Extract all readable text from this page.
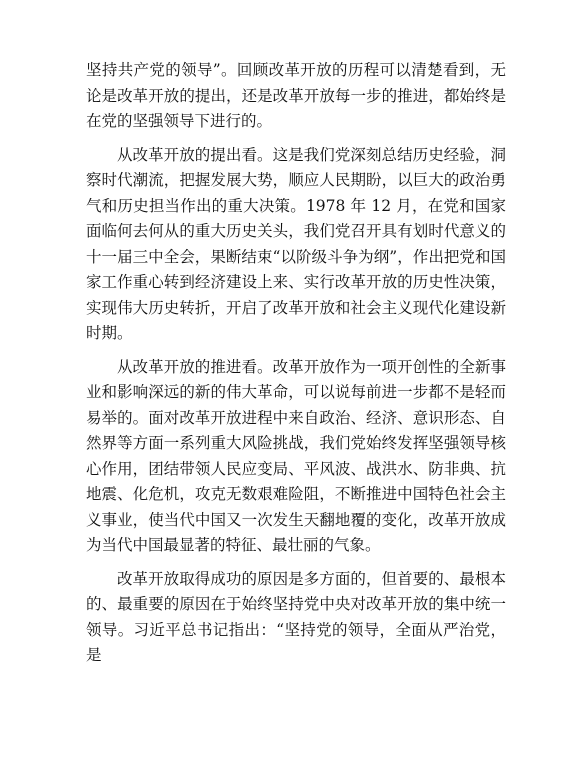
坚持共产党的领导”。回顾改革开放的历程可以清楚看到，无论是改革开放的提出，还是改革开放每一步的推进，都始终是在党的坚强领导下进行的。

从改革开放的提出看。这是我们党深刻总结历史经验，洞察时代潮流，把握发展大势，顺应人民期盼，以巨大的政治勇气和历史担当作出的重大决策。1978 年 12 月，在党和国家面临何去何从的重大历史关头，我们党召开具有划时代意义的十一届三中全会，果断结束“以阶级斗争为纲”，作出把党和国家工作重心转到经济建设上来、实行改革开放的历史性决策，实现伟大历史转折，开启了改革开放和社会主义现代化建设新时期。

从改革开放的推进看。改革开放作为一项开创性的全新事业和影响深远的新的伟大革命，可以说每前进一步都不是轻而易举的。面对改革开放进程中来自政治、经济、意识形态、自然界等方面一系列重大风险挑战，我们党始终发挥坚强领导核心作用，团结带领人民应变局、平风波、战洪水、防非典、抗地震、化危机，攻克无数艰难险阻，不断推进中国特色社会主义事业，使当代中国又一次发生天翻地覆的变化，改革开放成为当代中国最显著的特征、最壮丽的气象。

改革开放取得成功的原因是多方面的，但首要的、最根本的、最重要的原因在于始终坚持党中央对改革开放的集中统一领导。习近平总书记指出：“坚持党的领导，全面从严治党，是
